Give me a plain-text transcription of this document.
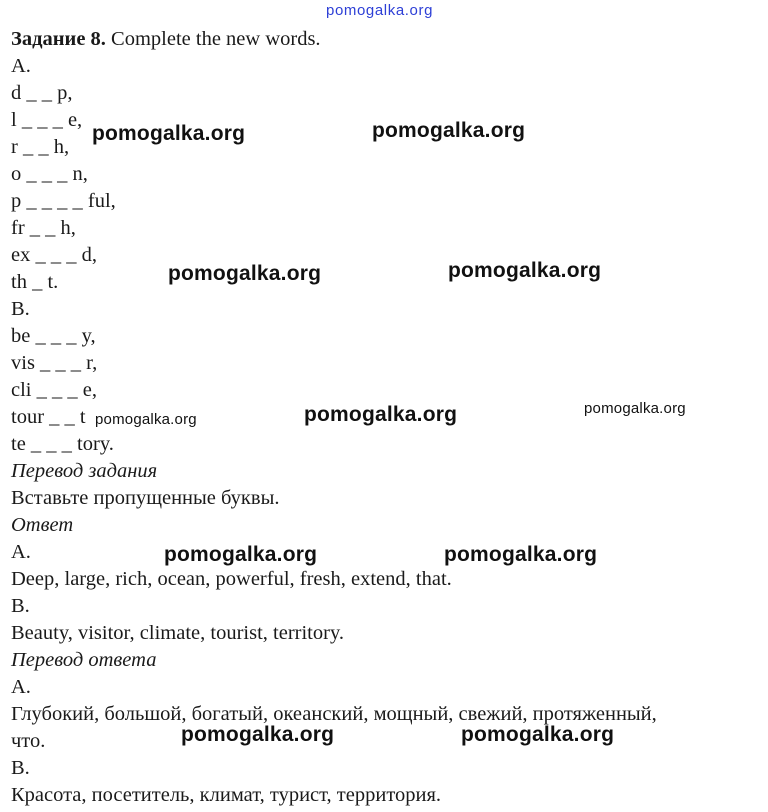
pomogalka.org
Задание 8. Complete the new words.
A.
d _ _ p,
l _ _ _ e,
r _ _ h,
o _ _ _ n,
p _ _ _ _ ful,
fr _ _ h,
ex _ _ _ d,
th _ t.
B.
be _ _ _ y,
vis _ _ _ r,
cli _ _ _ e,
tour _ _ t
te _ _ _ tory.
Перевод задания
Вставьте пропущенные буквы.
Ответ
A.
Deep, large, rich, ocean, powerful, fresh, extend, that.
B.
Beauty, visitor, climate, tourist, territory.
Перевод ответа
A.
Глубокий, большой, богатый, океанский, мощный, свежий, протяженный,
что.
B.
Красота, посетитель, климат, турист, территория.
pomogalka.org	pomogalka.org
pomogalka.org	pomogalka.org
pomogalka.org	pomogalka.org	pomogalka.org
pomogalka.org	pomogalka.org
pomogalka.org	pomogalka.org
